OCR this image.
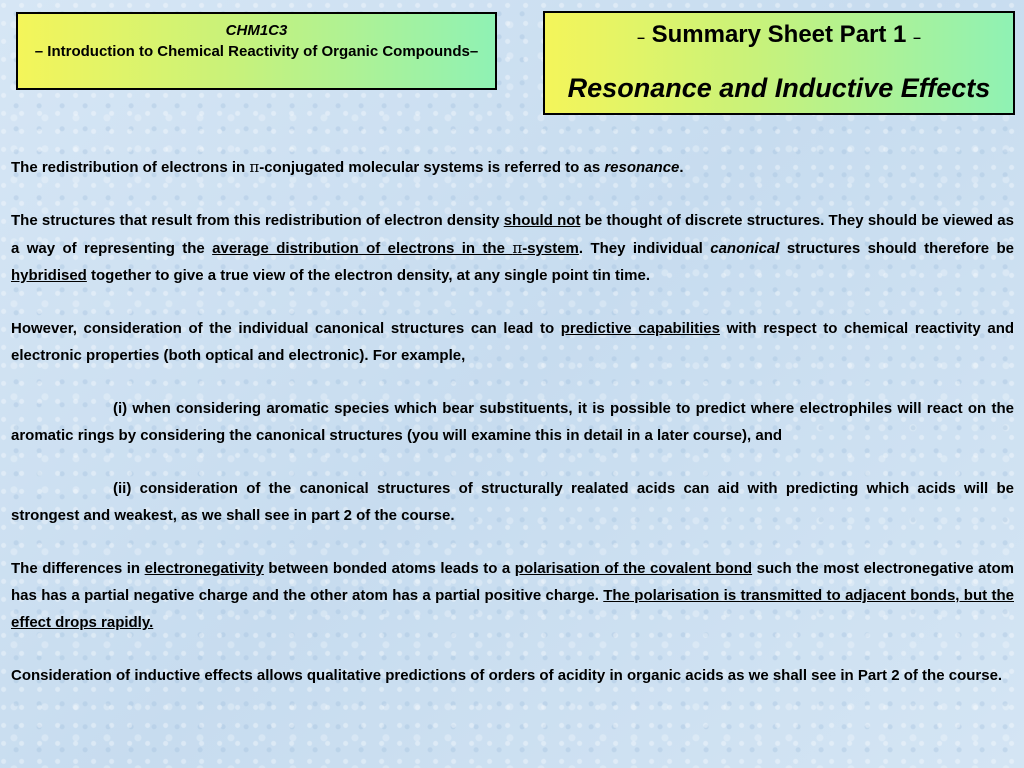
CHM1C3
– Introduction to Chemical Reactivity of Organic Compounds–
– Summary Sheet Part 1 –
Resonance and Inductive Effects

The redistribution of electrons in π-conjugated molecular systems is referred to as resonance.

The structures that result from this redistribution of electron density should not be thought of discrete structures. They should be viewed as a way of representing the average distribution of electrons in the π-system. They individual canonical structures should therefore be hybridised together to give a true view of the electron density, at any single point tin time.

However, consideration of the individual canonical structures can lead to predictive capabilities with respect to chemical reactivity and electronic properties (both optical and electronic). For example,

(i) when considering aromatic species which bear substituents, it is possible to predict where electrophiles will react on the aromatic rings by considering the canonical structures (you will examine this in detail in a later course), and

(ii) consideration of the canonical structures of structurally realated acids can aid with predicting which acids will be strongest and weakest, as we shall see in part 2 of the course.

The differences in electronegativity between bonded atoms leads to a polarisation of the covalent bond such the most electronegative atom has has a partial negative charge and the other atom has a partial positive charge. The polarisation is transmitted to adjacent bonds, but the effect drops rapidly.

Consideration of inductive effects allows qualitative predictions of orders of acidity in organic acids as we shall see in Part 2 of the course.
